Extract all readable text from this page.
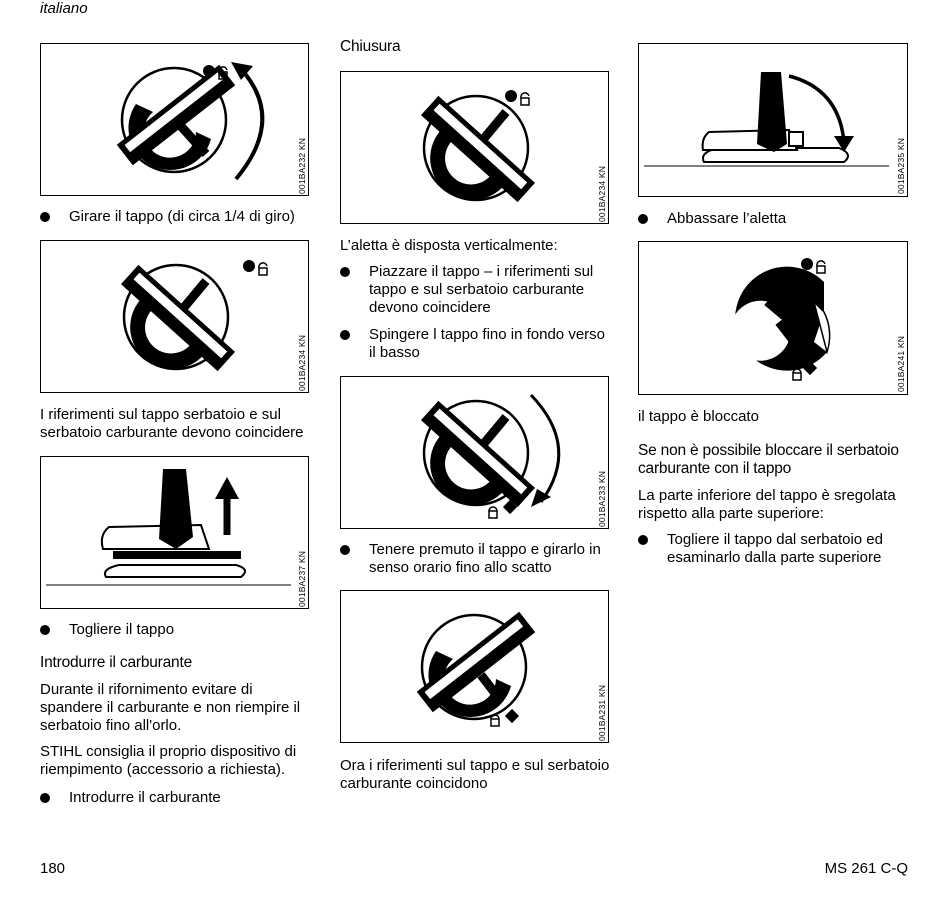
italiano
001BA232 KN
Girare il tappo (di circa 1/4 di giro)
001BA234 KN

I riferimenti sul tappo serbatoio e sul
serbatoio carburante devono coincidere

001BA237 KN
Togliere il tappo
Introdurre il carburante

Durante il rifornimento evitare di
spandere il carburante e non riempire il
serbatoio fino all'orlo.

STIHL consiglia il proprio dispositivo di
riempimento (accessorio a richiesta).

Introdurre il carburante
Chiusura
001BA234 KN

L’aletta è disposta verticalmente:

Piazzare il tappo – i riferimenti sul
tappo e sul serbatoio carburante
devono coincidere
Spingere l tappo fino in fondo verso
il basso
001BA233 KN
Tenere premuto il tappo e girarlo in
senso orario fino allo scatto
001BA231 KN

Ora i riferimenti sul tappo e sul serbatoio
carburante coincidono

001BA235 KN
Abbassare l’aletta
001BA241 KN

il tappo è bloccato

Se non è possibile bloccare il serbatoio
carburante con il tappo

La parte inferiore del tappo è sregolata
rispetto alla parte superiore:

Togliere il tappo dal serbatoio ed
esaminarlo dalla parte superiore
180	MS 261 C-Q
